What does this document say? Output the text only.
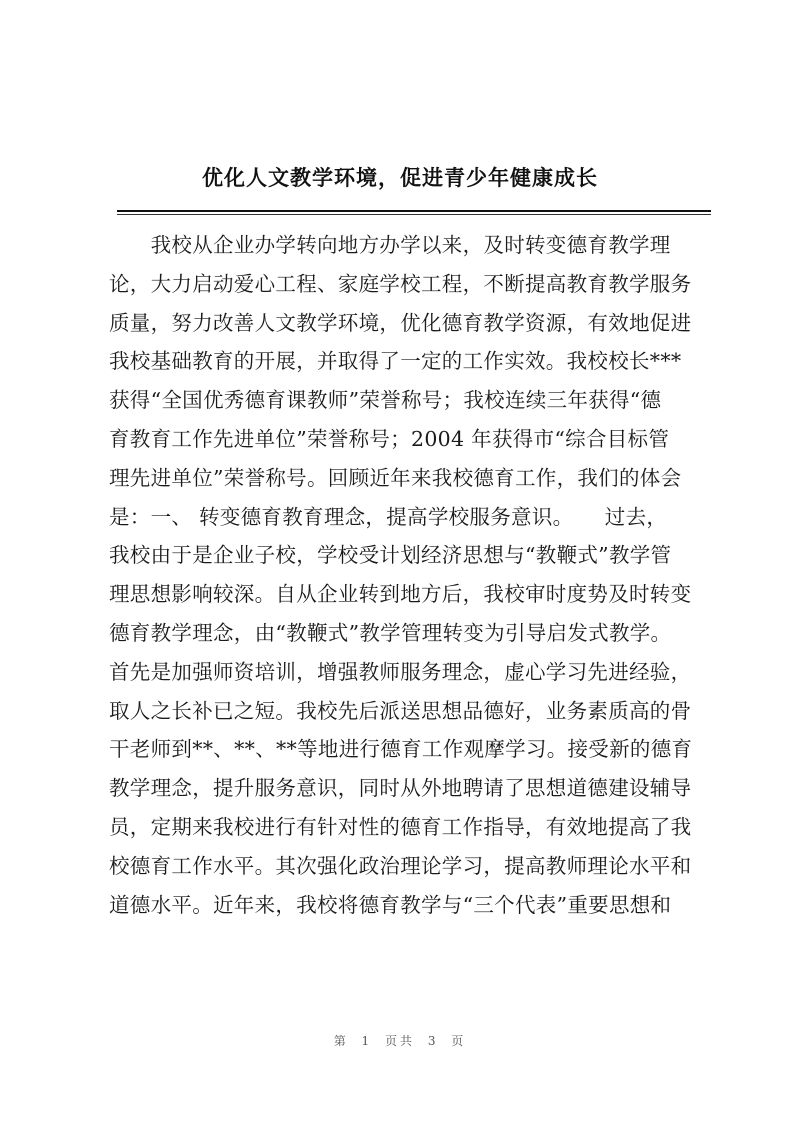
优化人文教学环境，促进青少年健康成长
　　我校从企业办学转向地方办学以来，及时转变德育教学理
论，大力启动爱心工程、家庭学校工程，不断提高教育教学服务
质量，努力改善人文教学环境，优化德育教学资源，有效地促进
我校基础教育的开展，并取得了一定的工作实效。我校校长***
获得“全国优秀德育课教师”荣誉称号；我校连续三年获得“德
育教育工作先进单位”荣誉称号；2004 年获得市“综合目标管
理先进单位”荣誉称号。回顾近年来我校德育工作，我们的体会
是：一、 转变德育教育理念，提高学校服务意识。　　过去，
我校由于是企业子校，学校受计划经济思想与“教鞭式”教学管
理思想影响较深。自从企业转到地方后，我校审时度势及时转变
德育教学理念，由“教鞭式”教学管理转变为引导启发式教学。
首先是加强师资培训，增强教师服务理念，虚心学习先进经验，
取人之长补已之短。我校先后派送思想品德好，业务素质高的骨
干老师到**、**、**等地进行德育工作观摩学习。接受新的德育
教学理念，提升服务意识，同时从外地聘请了思想道德建设辅导
员，定期来我校进行有针对性的德育工作指导，有效地提高了我
校德育工作水平。其次强化政治理论学习，提高教师理论水平和
道德水平。近年来，我校将德育教学与“三个代表”重要思想和
第 1 页共 3 页
